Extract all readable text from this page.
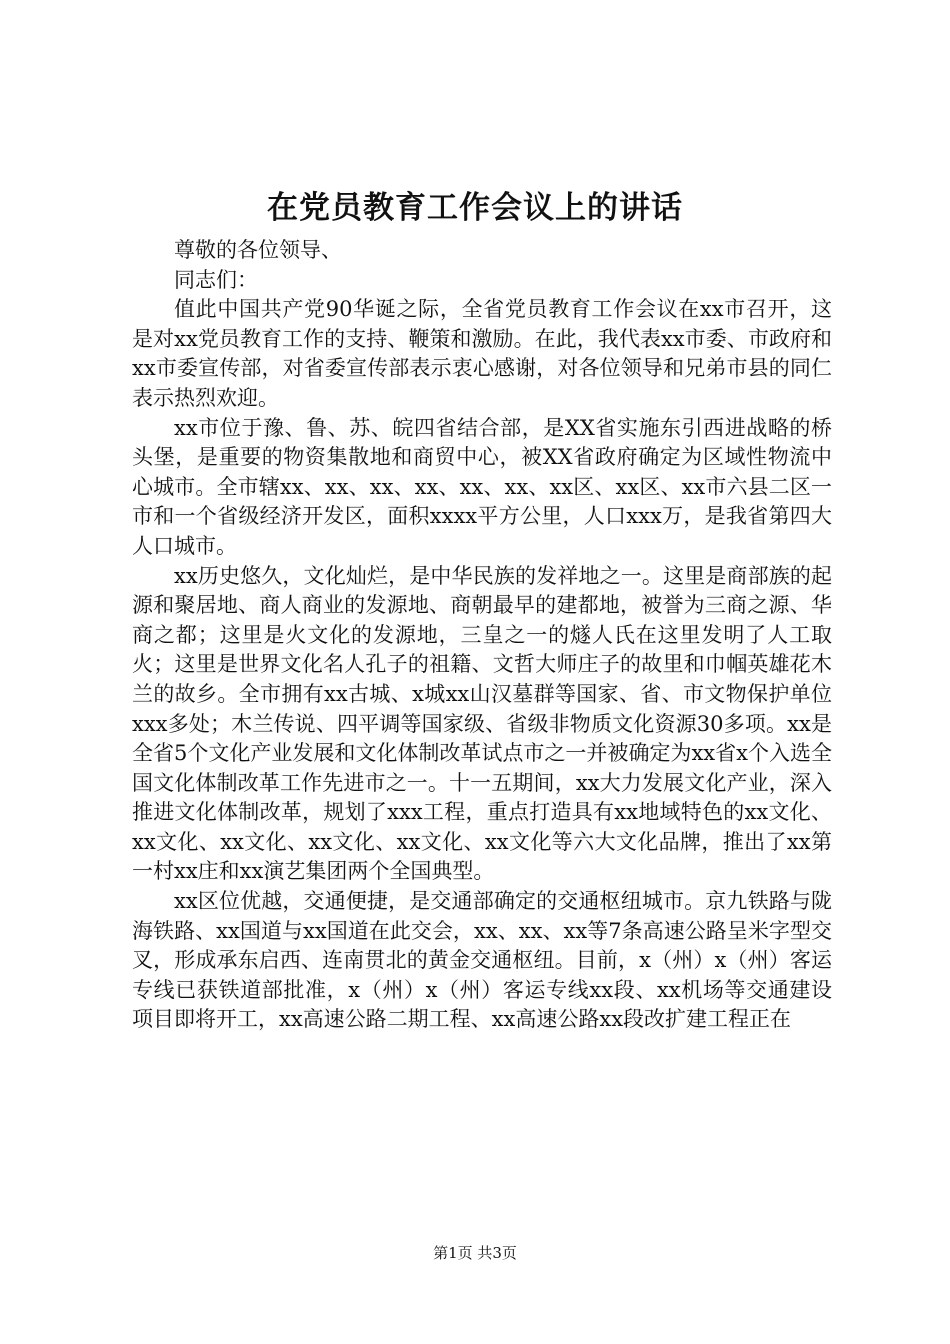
在党员教育工作会议上的讲话

尊敬的各位领导、

同志们：

值此中国共产党90华诞之际，全省党员教育工作会议在xx市召开，这是对xx党员教育工作的支持、鞭策和激励。在此，我代表xx市委、市政府和xx市委宣传部，对省委宣传部表示衷心感谢，对各位领导和兄弟市县的同仁表示热烈欢迎。

xx市位于豫、鲁、苏、皖四省结合部，是XX省实施东引西进战略的桥头堡，是重要的物资集散地和商贸中心，被XX省政府确定为区域性物流中心城市。全市辖xx、xx、xx、xx、xx、xx、xx区、xx区、xx市六县二区一市和一个省级经济开发区，面积xxxx平方公里，人口xxx万，是我省第四大人口城市。

xx历史悠久，文化灿烂，是中华民族的发祥地之一。这里是商部族的起源和聚居地、商人商业的发源地、商朝最早的建都地，被誉为三商之源、华商之都；这里是火文化的发源地，三皇之一的燧人氏在这里发明了人工取火；这里是世界文化名人孔子的祖籍、文哲大师庄子的故里和巾帼英雄花木兰的故乡。全市拥有xx古城、x城xx山汉墓群等国家、省、市文物保护单位xxx多处；木兰传说、四平调等国家级、省级非物质文化资源30多项。xx是全省5个文化产业发展和文化体制改革试点市之一并被确定为xx省x个入选全国文化体制改革工作先进市之一。十一五期间，xx大力发展文化产业，深入推进文化体制改革，规划了xxx工程，重点打造具有xx地域特色的xx文化、xx文化、xx文化、xx文化、xx文化、xx文化等六大文化品牌，推出了xx第一村xx庄和xx演艺集团两个全国典型。

xx区位优越，交通便捷，是交通部确定的交通枢纽城市。京九铁路与陇海铁路、xx国道与xx国道在此交会，xx、xx、xx等7条高速公路呈米字型交叉，形成承东启西、连南贯北的黄金交通枢纽。目前，x（州）x（州）客运专线已获铁道部批准，x（州）x（州）客运专线xx段、xx机场等交通建设项目即将开工，xx高速公路二期工程、xx高速公路xx段改扩建工程正在

第1页 共3页
